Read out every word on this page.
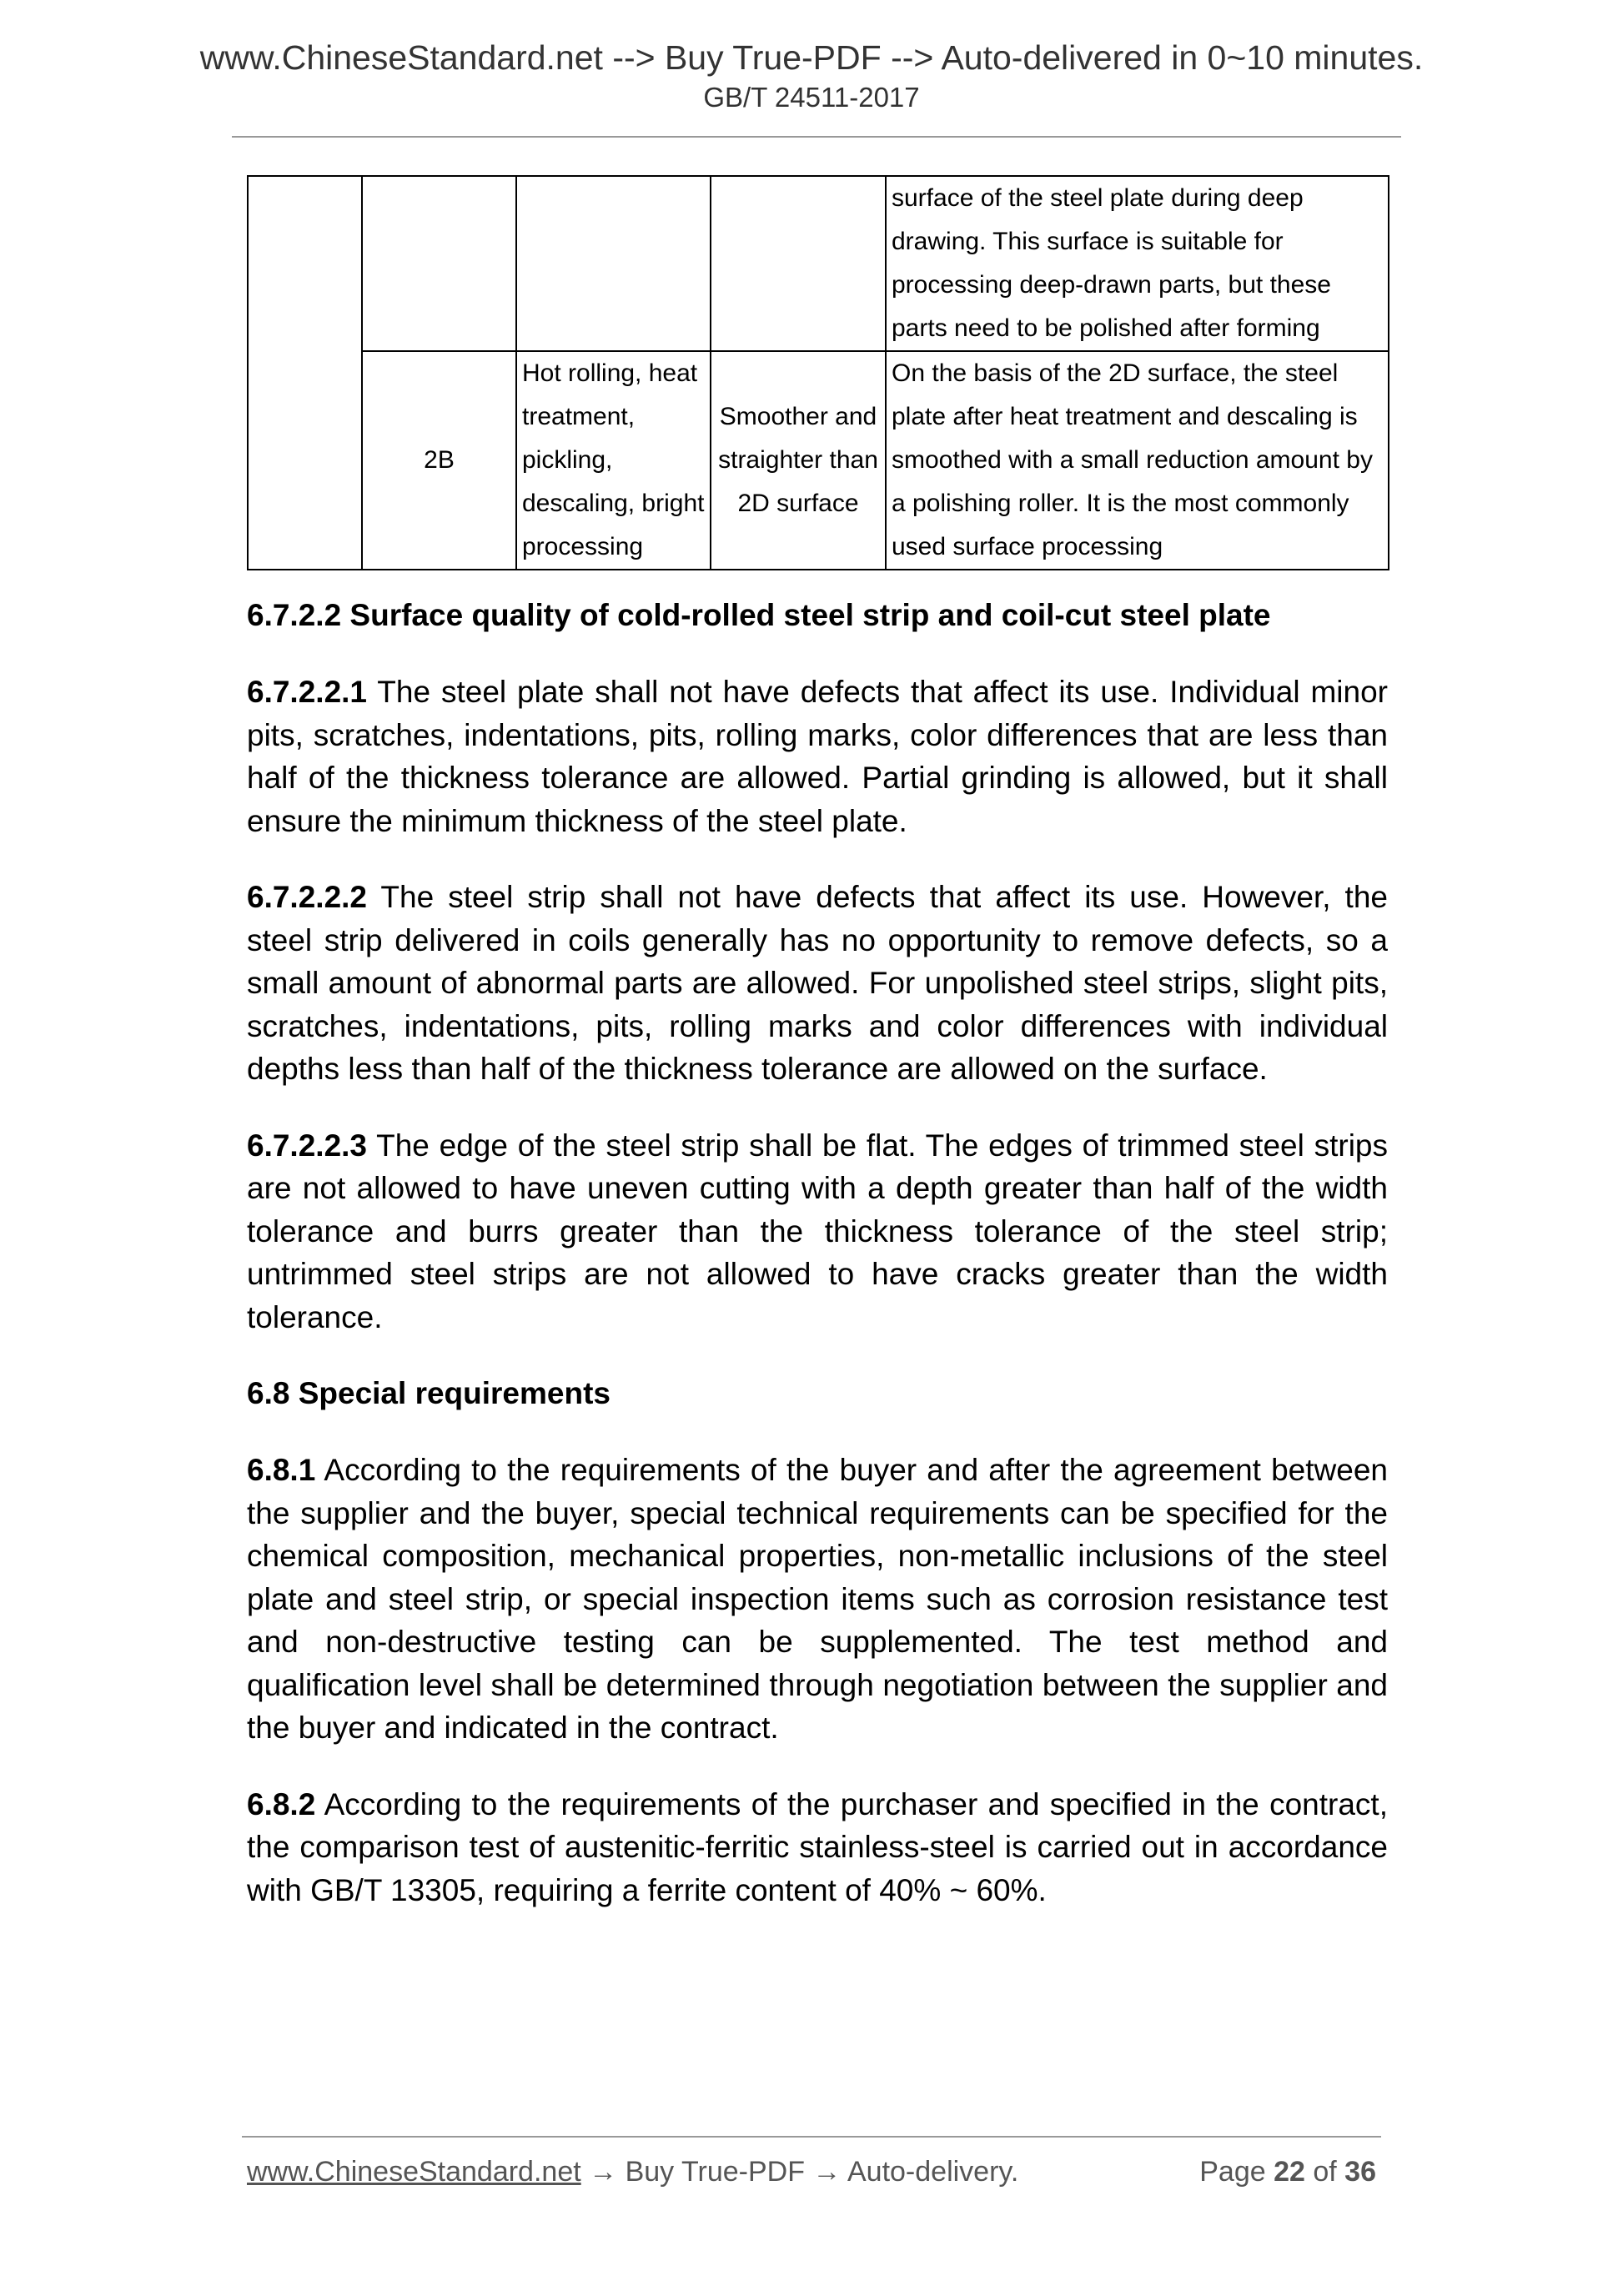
www.ChineseStandard.net --> Buy True-PDF --> Auto-delivered in 0~10 minutes.
GB/T 24511-2017

				surface of the steel plate during deep
drawing. This surface is suitable for
processing deep-drawn parts, but these
parts need to be polished after forming

	2B	Hot rolling, heat
treatment,
pickling,
descaling, bright
processing	Smoother and
straighter than
2D surface	On the basis of the 2D surface, the steel
plate after heat treatment and descaling is
smoothed with a small reduction amount by
a polishing roller. It is the most commonly
used surface processing

6.7.2.2 Surface quality of cold-rolled steel strip and coil-cut steel plate

6.7.2.2.1 The steel plate shall not have defects that affect its use. Individual minor pits, scratches, indentations, pits, rolling marks, color differences that are less than half of the thickness tolerance are allowed. Partial grinding is allowed, but it shall ensure the minimum thickness of the steel plate.

6.7.2.2.2 The steel strip shall not have defects that affect its use. However, the steel strip delivered in coils generally has no opportunity to remove defects, so a small amount of abnormal parts are allowed. For unpolished steel strips, slight pits, scratches, indentations, pits, rolling marks and color differences with individual depths less than half of the thickness tolerance are allowed on the surface.

6.7.2.2.3 The edge of the steel strip shall be flat. The edges of trimmed steel strips are not allowed to have uneven cutting with a depth greater than half of the width tolerance and burrs greater than the thickness tolerance of the steel strip; untrimmed steel strips are not allowed to have cracks greater than the width tolerance.

6.8 Special requirements

6.8.1 According to the requirements of the buyer and after the agreement between the supplier and the buyer, special technical requirements can be specified for the chemical composition, mechanical properties, non-metallic inclusions of the steel plate and steel strip, or special inspection items such as corrosion resistance test and non-destructive testing can be supplemented. The test method and qualification level shall be determined through negotiation between the supplier and the buyer and indicated in the contract.

6.8.2 According to the requirements of the purchaser and specified in the contract, the comparison test of austenitic-ferritic stainless-steel is carried out in accordance with GB/T 13305, requiring a ferrite content of 40% ~ 60%.

www.ChineseStandard.net → Buy True-PDF → Auto-delivery.	Page 22 of 36
